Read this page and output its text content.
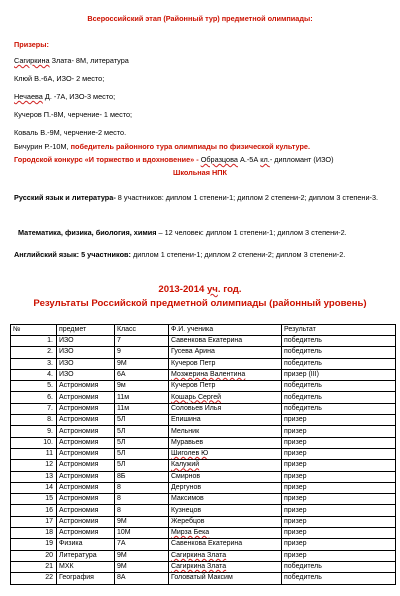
Всероссийский этап (Районный тур) предметной олимпиады:
Призеры:
Сагиркина Злата- 8М, литература
Клюй В.-6А, ИЗО- 2 место;
Нечаева Д. -7А, ИЗО-3 место;
Кучеров П.-8М, черчение- 1 место;
Коваль В.-9М, черчение-2 место.
Бичурин Р.-10М, победитель районного тура олимпиады по физической культуре.
Городской конкурс «И торжество и вдохновение» - Образцова А.-5А кл.- дипломант (ИЗО)
Школьная НПК
Русский язык и литература- 8 участников: диплом 1 степени-1; диплом 2 степени-2; диплом 3 степени-3.
Математика, физика, биология, химия – 12 человек: диплом 1 степени-1; диплом 3 степени-2.
Английский язык: 5 участников: диплом 1 степени-1; диплом 2 степени-2; диплом 3 степени-2.
2013-2014 уч. год.
Результаты Российской предметной олимпиады (районный уровень)
№	предмет	Класс	Ф.И. ученика	Результат
1.	ИЗО	7	Савенкова Екатерина	победитель
2.	ИЗО	9	Гусева Арина	победитель
3.	ИЗО	9М	Кучеров Петр	победитель
4.	ИЗО	6А	Мозжерина Валентина	призер (III)
5.	Астрономия	9м	Кучеров Петр	победитель
6.	Астрономия	11м	Кошарь Сергей	победитель
7.	Астрономия	11м	Соловьев Илья	победитель
8.	Астрономия	5Л	Епишина	призер
9.	Астрономия	5Л	Мельник	призер
10.	Астрономия	5Л	Муравьев	призер
11	Астрономия	5Л	Шиголев Ю	призер
12	Астрономия	5Л	Калужий	призер
13	Астрономия	8Б	Смирнов	призер
14	Астрономия	8	Дергунов	призер
15	Астрономия	8	Максимов	призер
16	Астрономия	8	Кузнецов	призер
17	Астрономия	9М	Жеребцов	призер
18	Астрономия	10М	Мирза Бека	призер
19	Физика	7А	Савенкова Екатерина	призер
20	Литература	9М	Сагиркина Злата	призер
21	МХК	9М	Сагиркина Злата	победитель
22	География	8А	Головатый Максим	победитель
